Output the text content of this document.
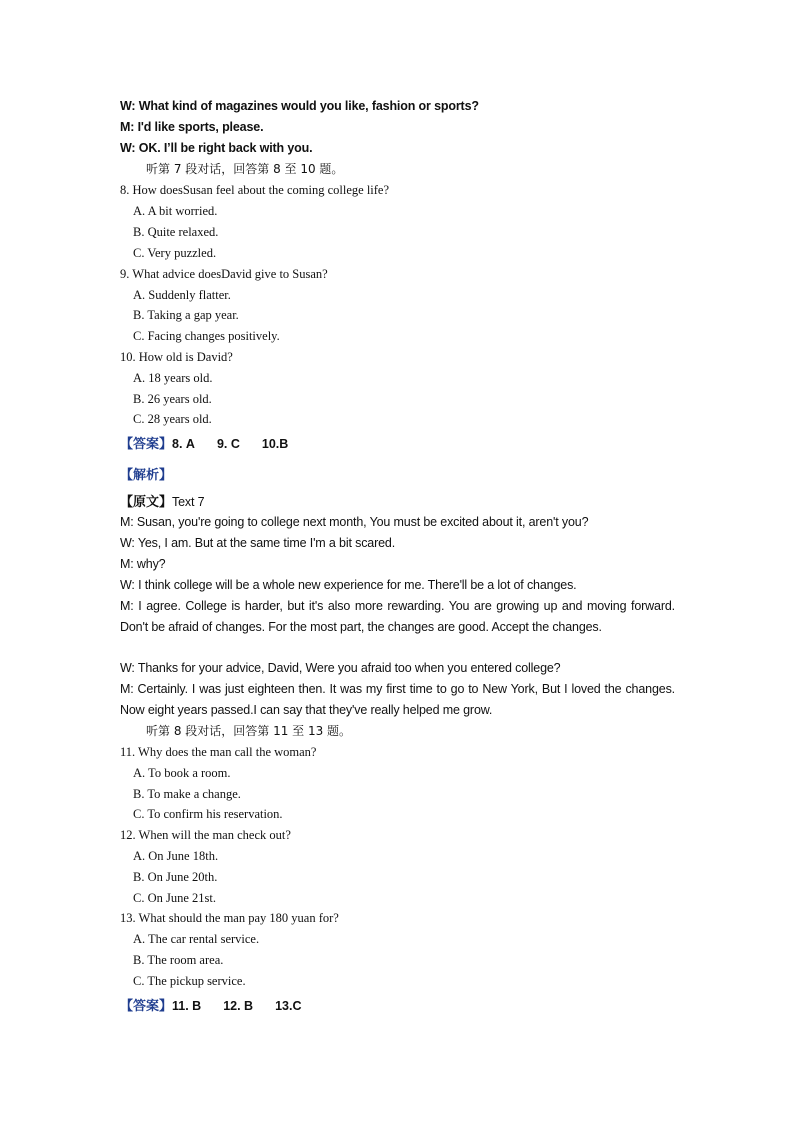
W: What kind of magazines would you like, fashion or sports?
M: I'd like sports, please.
W: OK. I’ll be right back with you.
听第 7 段对话，回答第 8 至 10 题。
8. How doesSusan feel about the coming college life?
A. A bit worried.
B. Quite relaxed.
C. Very puzzled.
9. What advice doesDavid give to Susan?
A. Suddenly flatter.
B. Taking a gap year.
C. Facing changes positively.
10. How old is David?
A. 18 years old.
B. 26 years old.
C. 28 years old.
【答案】8. A 9. C 10.B
【解析】
【原文】Text 7
M: Susan, you're going to college next month, You must be excited about it, aren't you?
W: Yes, I am. But at the same time I'm a bit scared.
M: why?
W: I think college will be a whole new experience for me. There'll be a lot of changes.
M: I agree. College is harder, but it's also more rewarding. You are growing up and moving forward. Don't be afraid of changes. For the most part, the changes are good. Accept the changes.
W: Thanks for your advice, David, Were you afraid too when you entered college?
M: Certainly. I was just eighteen then. It was my first time to go to New York, But I loved the changes. Now eight years passed.I can say that they've really helped me grow.
听第 8 段对话，回答第 11 至 13 题。
11. Why does the man call the woman?
A. To book a room.
B. To make a change.
C. To confirm his reservation.
12. When will the man check out?
A. On June 18th.
B. On June 20th.
C. On June 21st.
13. What should the man pay 180 yuan for?
A. The car rental service.
B. The room area.
C. The pickup service.
【答案】11. B 12. B 13.C
